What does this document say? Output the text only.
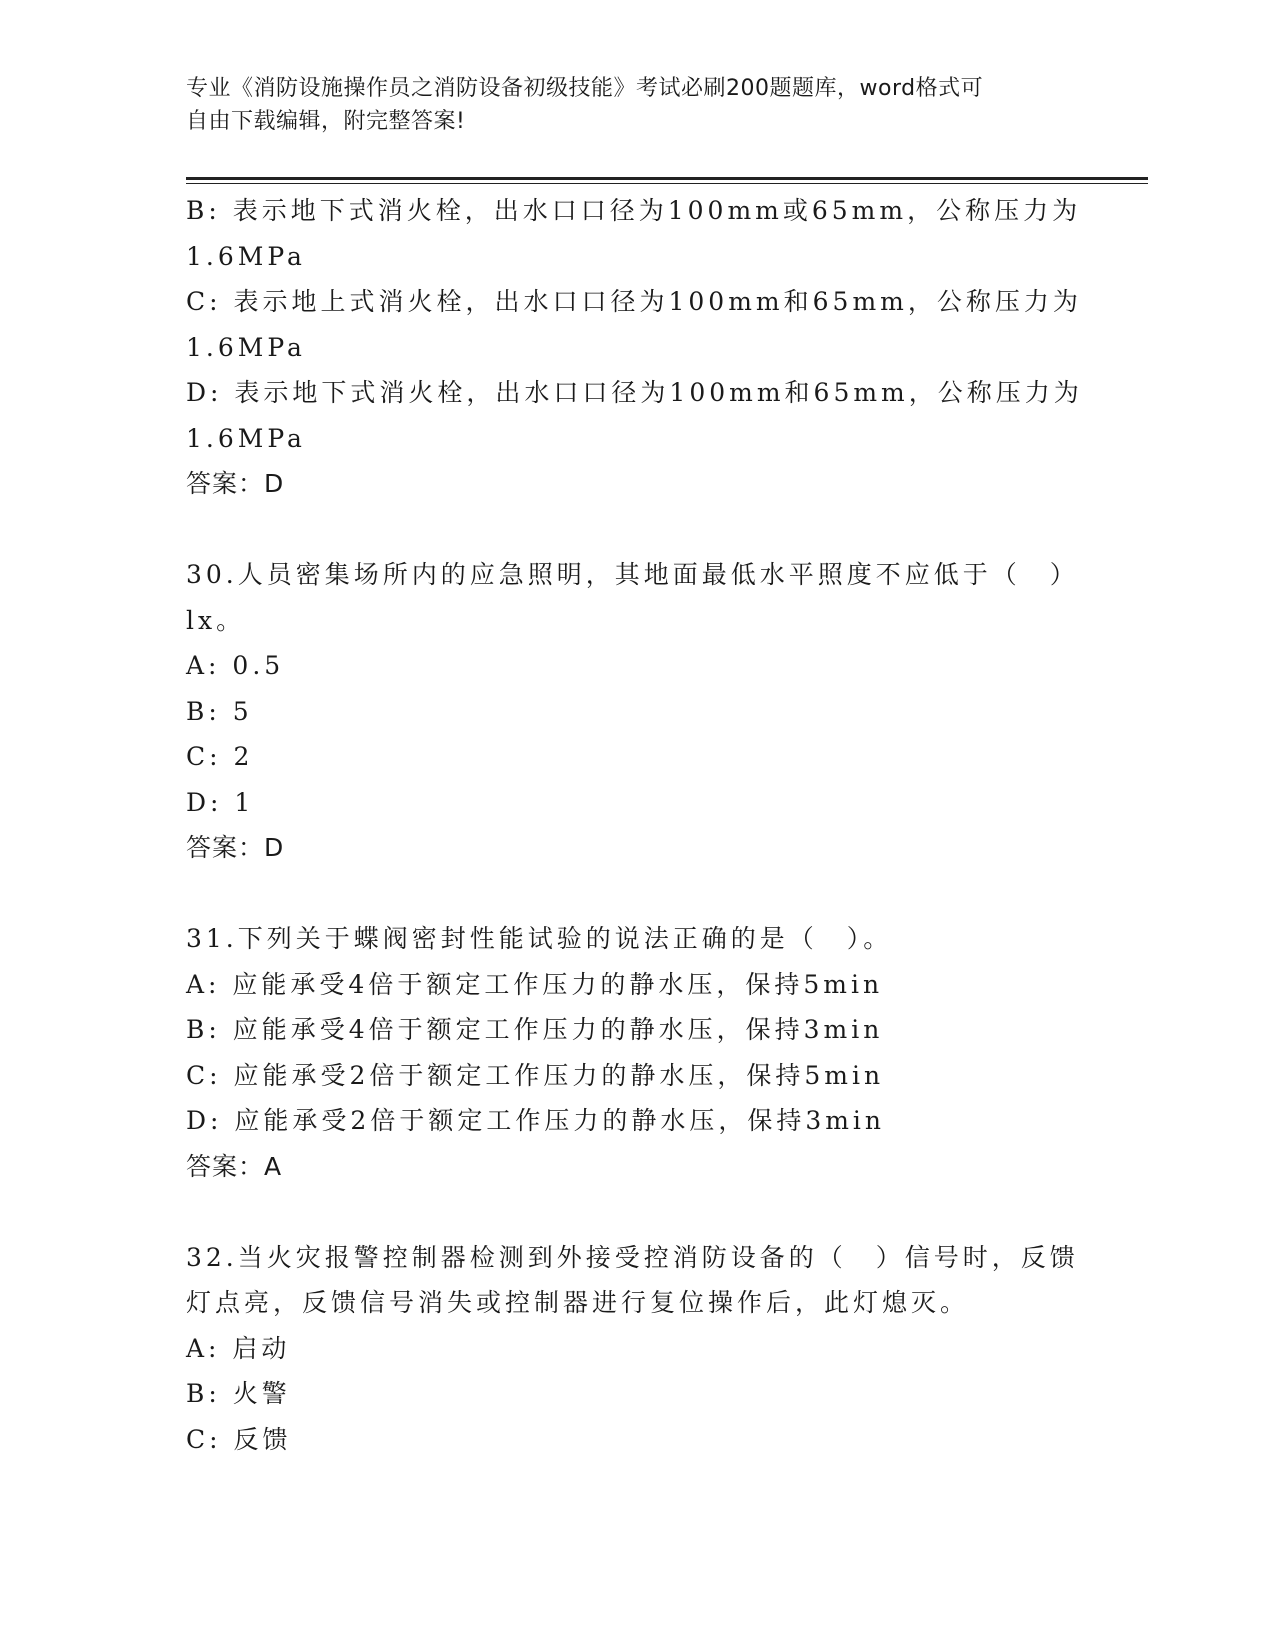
专业《消防设施操作员之消防设备初级技能》考试必刷200题题库，word格式可
自由下载编辑，附完整答案!
B: 表示地下式消火栓，出水口口径为100mm或65mm，公称压力为
1.6MPa
C: 表示地上式消火栓，出水口口径为100mm和65mm，公称压力为
1.6MPa
D: 表示地下式消火栓，出水口口径为100mm和65mm，公称压力为
1.6MPa
答案：D
30.人员密集场所内的应急照明，其地面最低水平照度不应低于（　）
lx。
A: 0.5
B: 5
C: 2
D: 1
答案：D
31.下列关于蝶阀密封性能试验的说法正确的是（　）。
A: 应能承受4倍于额定工作压力的静水压，保持5min
B: 应能承受4倍于额定工作压力的静水压，保持3min
C: 应能承受2倍于额定工作压力的静水压，保持5min
D: 应能承受2倍于额定工作压力的静水压，保持3min
答案：A
32.当火灾报警控制器检测到外接受控消防设备的（　）信号时，反馈
灯点亮，反馈信号消失或控制器进行复位操作后，此灯熄灭。
A: 启动
B: 火警
C: 反馈
